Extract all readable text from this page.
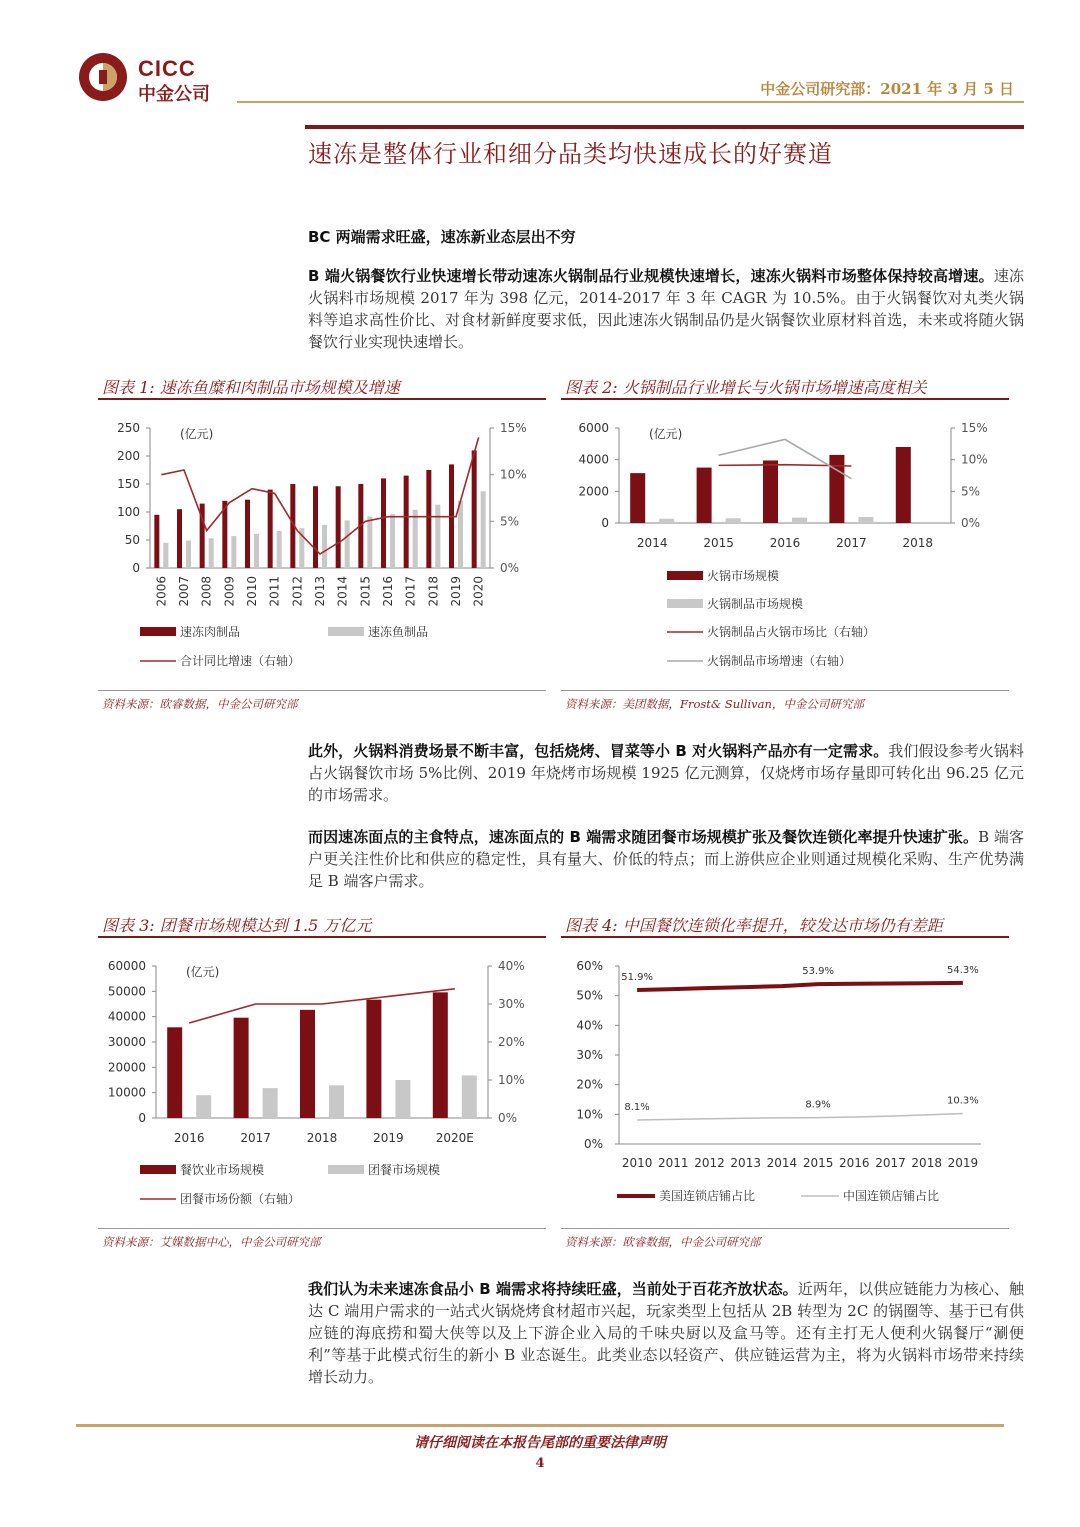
CICC
中金公司	中金公司研究部：2021 年 3 月 5 日
速冻是整体行业和细分品类均快速成长的好赛道
BC 两端需求旺盛，速冻新业态层出不穷
B 端火锅餐饮行业快速增长带动速冻火锅制品行业规模快速增长，速冻火锅料市场整体保持较高增速。速冻火锅料市场规模 2017 年为 398 亿元，2014-2017 年 3 年 CAGR 为 10.5%。由于火锅餐饮对丸类火锅料等追求高性价比、对食材新鲜度要求低，因此速冻火锅制品仍是火锅餐饮业原材料首选，未来或将随火锅餐饮行业实现快速增长。
图表 1: 速冻鱼糜和肉制品市场规模及增速
0
50
100
150
200
250
0%
5%
10%
15%
(亿元)
2006 2007 2008 2009 2010 2011 2012 2013 2014 2015 2016 2017 2018 2019 2020
速冻肉制品	速冻鱼制品
合计同比增速（右轴）
资料来源：欧睿数据，中金公司研究部
图表 2: 火锅制品行业增长与火锅市场增速高度相关
0
2000
4000
6000
0%
5%
10%
15%
(亿元)
2014	2015	2016	2017	2018
火锅市场规模
火锅制品市场规模
火锅制品占火锅市场比（右轴）
火锅制品市场增速（右轴）
资料来源：美团数据，Frost& Sullivan，中金公司研究部
此外，火锅料消费场景不断丰富，包括烧烤、冒菜等小 B 对火锅料产品亦有一定需求。我们假设参考火锅料占火锅餐饮市场 5%比例、2019 年烧烤市场规模 1925 亿元测算，仅烧烤市场存量即可转化出 96.25 亿元的市场需求。
而因速冻面点的主食特点，速冻面点的 B 端需求随团餐市场规模扩张及餐饮连锁化率提升快速扩张。B 端客户更关注性价比和供应的稳定性，具有量大、价低的特点；而上游供应企业则通过规模化采购、生产优势满足 B 端客户需求。
图表 3: 团餐市场规模达到 1.5 万亿元
0
10000
20000
30000
40000
50000
60000
0%
10%
20%
30%
40%
(亿元)
2016	2017	2018	2019	2020E
餐饮业市场规模	团餐市场规模
团餐市场份额（右轴）
资料来源：艾媒数据中心，中金公司研究部
图表 4: 中国餐饮连锁化率提升，较发达市场仍有差距
0%
10%
20%
30%
40%
50%
60%
51.9%
53.9%	54.3%
8.1%	8.9%	10.3%
2010 2011 2012 2013 2014 2015 2016 2017 2018 2019
美国连锁店铺占比	中国连锁店铺占比
资料来源：欧睿数据，中金公司研究部
我们认为未来速冻食品小 B 端需求将持续旺盛，当前处于百花齐放状态。近两年，以供应链能力为核心、触达 C 端用户需求的一站式火锅烧烤食材超市兴起，玩家类型上包括从 2B 转型为 2C 的锅圈等、基于已有供应链的海底捞和蜀大侠等以及上下游企业入局的千味央厨以及盒马等。还有主打无人便利火锅餐厅“涮便利”等基于此模式衍生的新小 B 业态诞生。此类业态以轻资产、供应链运营为主，将为火锅料市场带来持续增长动力。
请仔细阅读在本报告尾部的重要法律声明
4
